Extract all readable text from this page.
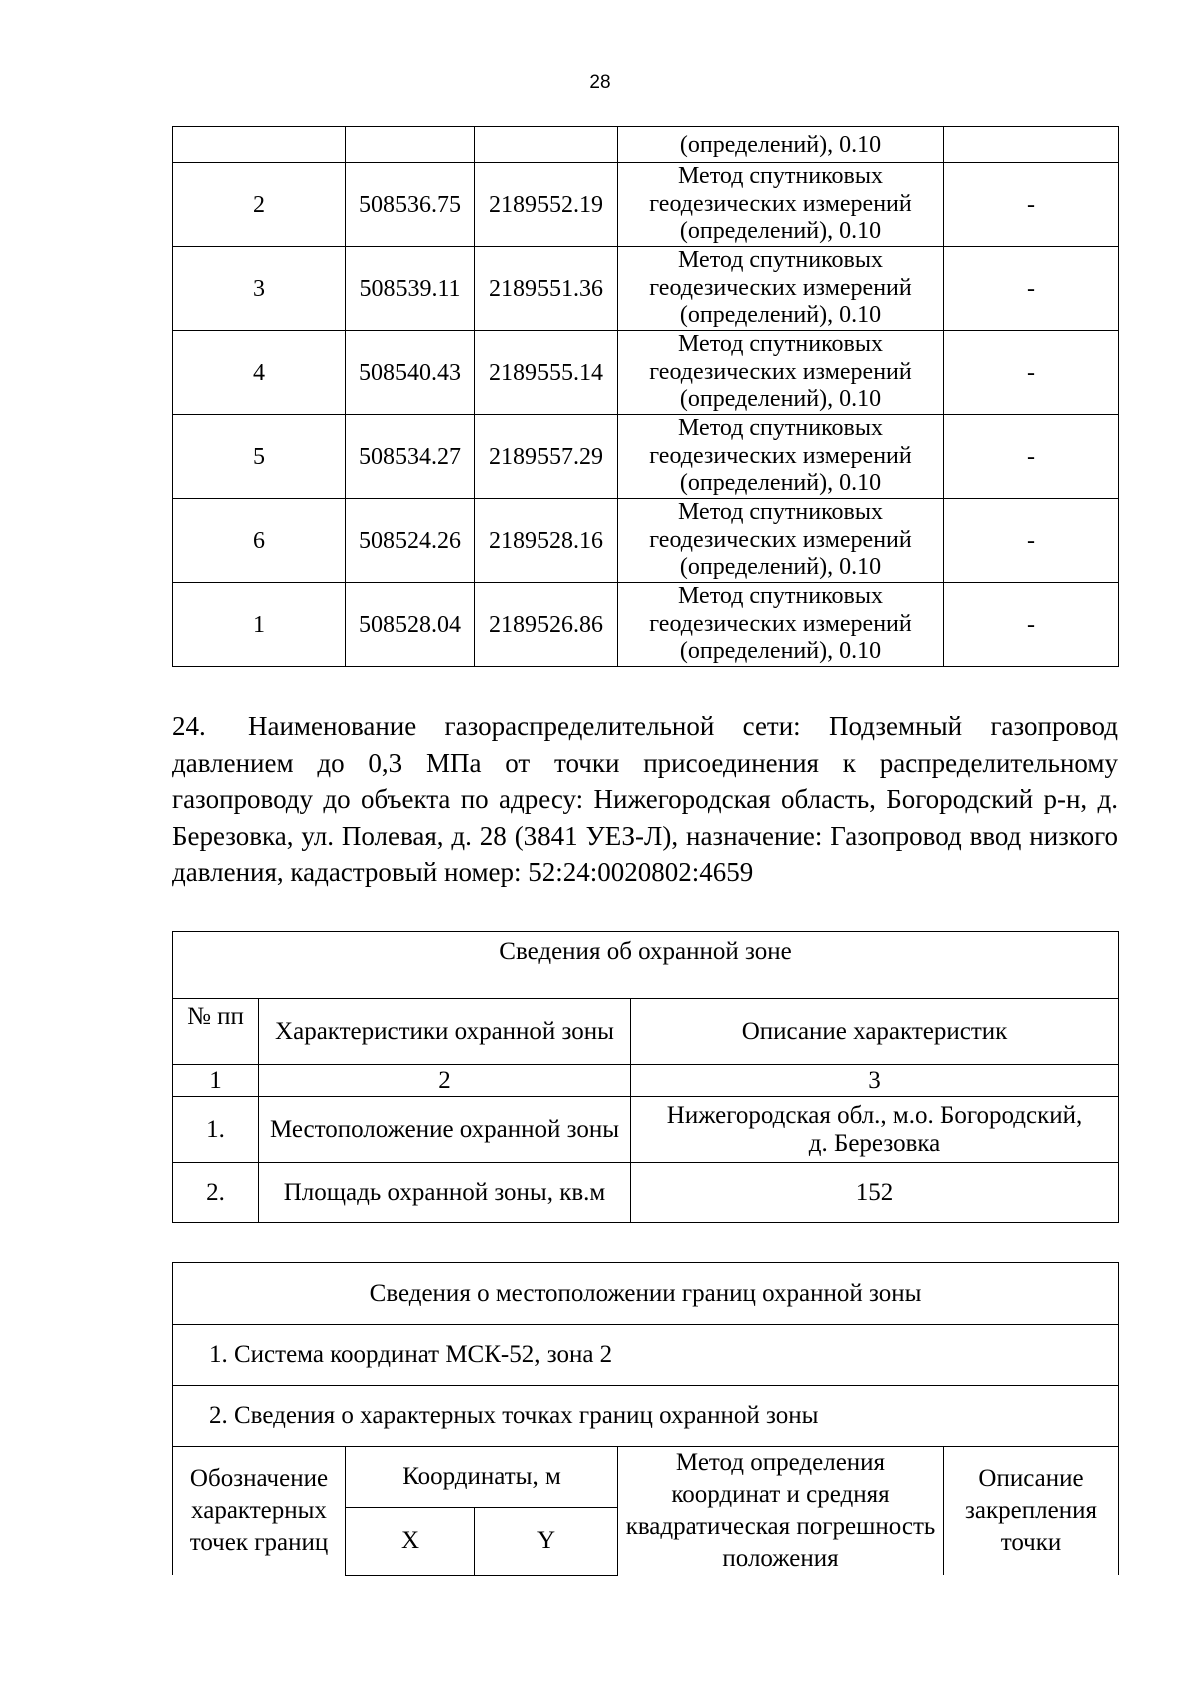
28
			(определений), 0.10	
2	508536.75	2189552.19	Метод спутниковых
геодезических измерений
(определений), 0.10	-
3	508539.11	2189551.36	Метод спутниковых
геодезических измерений
(определений), 0.10	-
4	508540.43	2189555.14	Метод спутниковых
геодезических измерений
(определений), 0.10	-
5	508534.27	2189557.29	Метод спутниковых
геодезических измерений
(определений), 0.10	-
6	508524.26	2189528.16	Метод спутниковых
геодезических измерений
(определений), 0.10	-
1	508528.04	2189526.86	Метод спутниковых
геодезических измерений
(определений), 0.10	-
24. Наименование газораспределительной сети: Подземный газопровод давлением до 0,3 МПа от точки присоединения к распределительному газопроводу до объекта по адресу: Нижегородская область, Богородский р-н, д. Березовка, ул. Полевая, д. 28 (3841 УЕЗ-Л), назначение: Газопровод ввод низкого давления, кадастровый номер: 52:24:0020802:4659
Сведения об охранной зоне		
№ пп	Характеристики охранной зоны	Описание характеристик
1	2	3
1.	Местоположение охранной зоны	Нижегородская обл., м.о. Богородский,
д. Березовка
2.	Площадь охранной зоны, кв.м	152
Сведения о местоположении границ охранной зоны				
1. Система координат МСК-52, зона 2				
2. Сведения о характерных точках границ охранной зоны				
Обозначение характерных точек границ	Координаты, м		Метод определения координат и средняя квадратическая погрешность положения	Описание закрепления точки
	X	Y		
